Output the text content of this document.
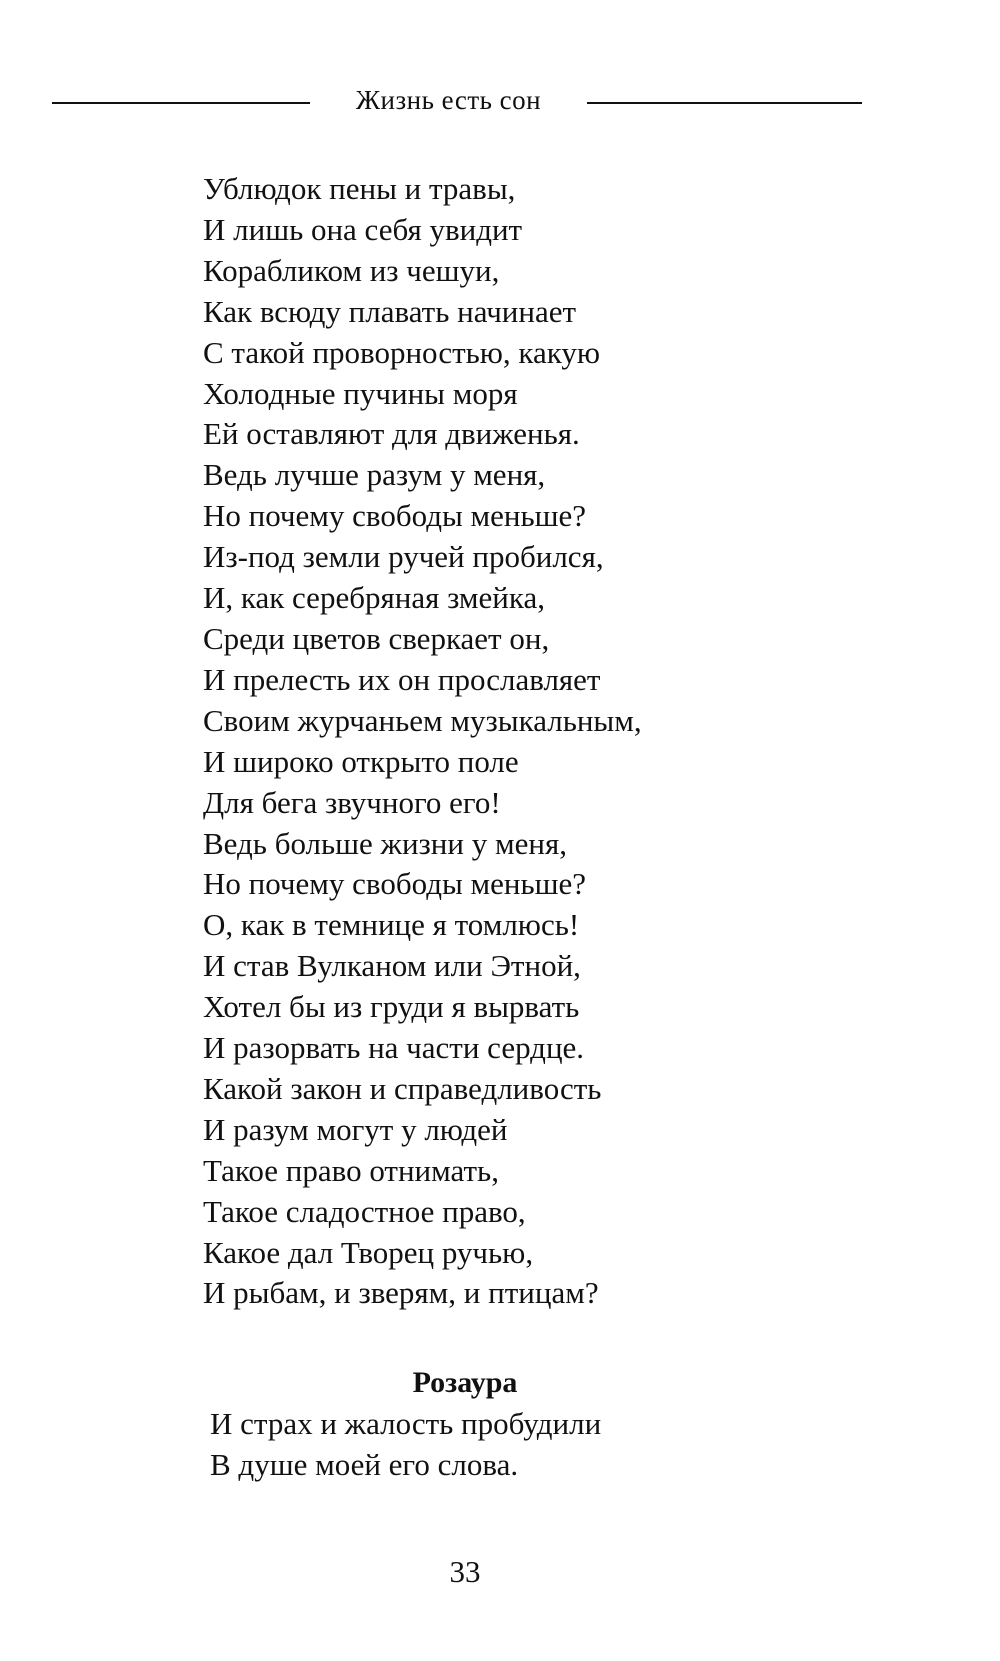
Жизнь есть сон
Ублюдок пены и травы,
И лишь она себя увидит
Корабликом из чешуи,
Как всюду плавать начинает
С такой проворностью, какую
Холодные пучины моря
Ей оставляют для движенья.
Ведь лучше разум у меня,
Но почему свободы меньше?
Из-под земли ручей пробился,
И, как серебряная змейка,
Среди цветов сверкает он,
И прелесть их он прославляет
Своим журчаньем музыкальным,
И широко открыто поле
Для бега звучного его!
Ведь больше жизни у меня,
Но почему свободы меньше?
О, как в темнице я томлюсь!
И став Вулканом или Этной,
Хотел бы из груди я вырвать
И разорвать на части сердце.
Какой закон и справедливость
И разум могут у людей
Такое право отнимать,
Такое сладостное право,
Какое дал Творец ручью,
И рыбам, и зверям, и птицам?
Розаура
И страх и жалость пробудили
В душе моей его слова.
33
